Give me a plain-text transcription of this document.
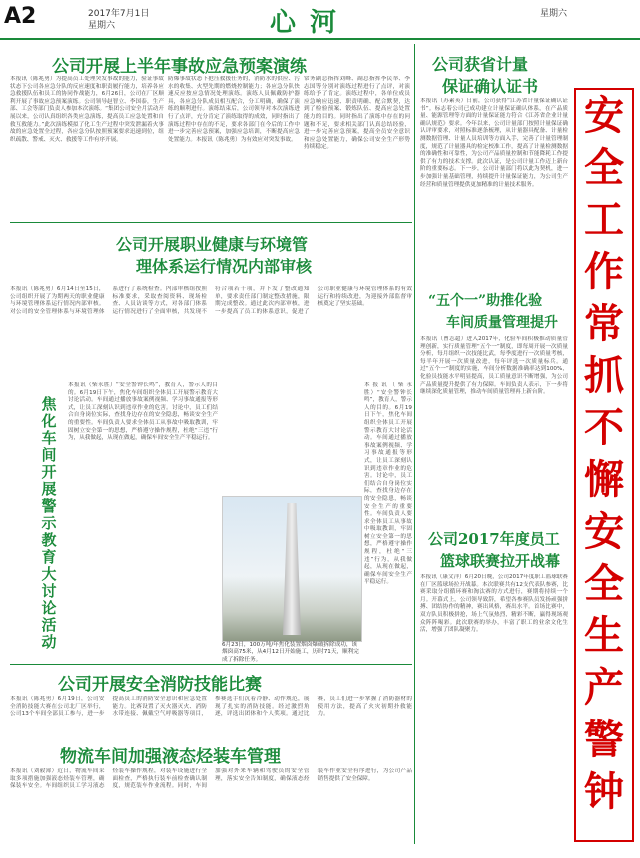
A2	2017年7月1日
星期六	心河	星期六
公司开展上半年事故应急预案演练
本报讯（陈兆勇）为提高员工处理突发事故的能力，验证事故状态下公司各应急分队的反应速度和职责履行能力，培养各应急救援队伍和员工的协同作战能力，6月26日，公司在厂区顺利开展了事故应急预案演练。公司领导赵智立、李国泰，生产部、工会等部门负责人参加本次演练。“集团公司安全月活动开展以来，公司认真组织各类应急演练，提高员工应急处置和自救互救能力。”此次演练模拟了化工生产过程中突发泄漏着火事故的应急处置全过程，各应急分队按照预案要求迅速到位，组织疏散、警戒、灭火、救援等工作有序开展。
防爆事故状态下抢压救援任务的，消防水的供应、污水的收集、火型先期的燃烧控制能力；各应急分队快速反应按应急情况处理演练。演练人员佩戴防护器具，各应急分队成员相互配合，分工明确，确保了演练的顺利进行。演练结束后，公司领导对本次演练进行了点评，充分肯定了演练取得的成效，同时指出了演练过程中存在的不足，要求各部门在今后的工作中进一步完善应急预案，加强应急培训，不断提高应急处置能力。本报讯（陈兆勇）为有效应对突发事故。
常务副总指挥刘峰、副总指挥李民举、李志国等分别对演练过程进行了点评，对演练给予了肯定。演练过程中，各单位成员应急响应迅速、职责明确、配合默契，达到了检验预案、锻炼队伍、提高应急处置能力的目的。同时指出了演练中存在的问题和不足，要求相关部门认真总结经验，进一步完善应急预案，提高全员安全意识和应急处置能力，确保公司安全生产形势持续稳定。
公司获省计量
保证确认证书
本报讯（苏素英）日前，公司获得“江苏省计量保证确认证书”。标志着公司已成功建立计量保证确认体系，在产品质量、能源管理等方面的计量保证能力符合《江苏省企业计量确认规范》要求。今年以来，公司计量部门按照计量保证确认评审要求，对照标准逐条梳理，从计量器具配备、计量检测数据管理、计量人员培训等方面入手，完善了计量管理制度，规范了计量器具的检定校准工作，提高了计量检测数据的准确性和可靠性，为公司产品质量控制和节能降耗工作提供了有力的技术支撑。此次认证，是公司计量工作迈上新台阶的重要标志。下一步，公司计量部门将以此为契机，进一步加强计量基础管理，持续提升计量保证能力，为公司生产经营和质量管理提供更加精准的计量技术服务。
公司开展职业健康与环境管
理体系运行情况内部审核
本报讯（陈兆勇）6月14日至15日，公司组织开展了为期两天的职业健康与环境管理体系运行情况内部审核。对公司的安全管理体系与环境管理体系进行了系统检查。内部审核组按照标准要求，采取查阅资料、现场检查、人员访谈等方式，对各部门体系运行情况进行了全面审核，共发现不符合项若干项，并下发了整改通知单，要求责任部门制定整改措施，限期完成整改。通过此次内部审核，进一步提高了员工的体系意识，促进了公司职业健康与环境管理体系的有效运行和持续改进，为迎接外部监督审核奠定了坚实基础。
焦化车间开展警示教育大讨论活动
本报讯（柴永胜）“安全警钟长鸣”，教育人，警示人的目的。6月19日下午，焦化车间组织全体员工开展警示教育大讨论活动。车间通过播放事故案例视频、学习事故通报等形式，让员工深刻认识到违章作业的危害。讨论中，员工们结合自身岗位实际，查找身边存在的安全隐患，畅谈安全生产的重要性。车间负责人要求全体员工从事故中吸取教训，牢固树立安全第一的思想，严格遵守操作规程，杜绝“三违”行为，从我做起，从现在做起，确保车间安全生产平稳运行。
6月23日，100万吨/年焦化装置烟囱爆破拆除成功，该烟囱高75米，从4月12日开始施工，历时71天，顺利完成了拆除任务。
本报讯（柴永胜）“安全警钟长鸣”，教育人，警示人的目的。6月19日下午，焦化车间组织全体员工开展警示教育大讨论活动。车间通过播放事故案例视频、学习事故通报等形式，让员工深刻认识到违章作业的危害。讨论中，员工们结合自身岗位实际，查找身边存在的安全隐患，畅谈安全生产的重要性。车间负责人要求全体员工从事故中吸取教训，牢固树立安全第一的思想，严格遵守操作规程，杜绝“三违”行为，从我做起，从现在做起，确保车间安全生产平稳运行。
“五个一”助推化验
车间质量管理提升
本报讯（曹志超）进入2017年，化验车间积极推动质量管理创新，实行质量管理“五个一”制度，即每周开展一次质量分析，每月组织一次技能比武，每季度进行一次质量考核，每半年开展一次质量改进，每年评选一次质量标兵。通过“五个一”制度的实施，车间分析数据准确率达到100%，化验员技能水平明显提高，员工质量意识不断增强，为公司产品质量提升提供了有力保障。车间负责人表示，下一步将继续深化质量管理，推动车间质量管理再上新台阶。
公司2017年度员工
篮球联赛拉开战幕
本报讯（康文洋）6月20日晚，公司2017年度职工篮球联赛在厂区篮球场拉开战幕。本次联赛共有12支代表队参赛，比赛采取分组循环赛和淘汰赛的方式进行，赛期将持续一个月。开幕式上，公司领导致辞，希望各参赛队员发扬顽强拼搏、团结协作的精神，赛出风格，赛出水平。首场比赛中，双方队员积极拼抢，场上气氛热烈，精彩不断，赢得现场观众阵阵喝彩。此次联赛的举办，丰富了职工的业余文化生活，增强了团队凝聚力。
公司开展安全消防技能比赛
本报讯（陈兆勇）6月19日，公司安全消防技能大赛在公司北厂区举行，公司13个车间全部员工参与，进一步提高员工的消防安全意识和应急处置能力。比赛设置了灭火器灭火、消防水带连接、佩戴空气呼吸器等项目，参赛选手们沉着冷静、动作规范，展现了扎实的消防技能。经过激烈角逐，评选出团体和个人奖项。通过比赛，员工们进一步掌握了消防器材的使用方法，提高了火灾初期扑救能力。
物流车间加强液态烃装车管理
本报讯（刘毅簿）近日，物流车间采取多项措施加强液态烃装车管理，确保装车安全。车间组织员工学习液态烃装车操作规程，对装车设施进行全面检查，严格执行装车前检查确认制度，规范装车作业流程。同时，车间加强对外来车辆和驾驶员的安全管理，落实安全告知制度，确保液态烃装车作业安全有序进行，为公司产品销售提供了安全保障。
安
全
工
作
常
抓
不
懈
安
全
生
产
警
钟
